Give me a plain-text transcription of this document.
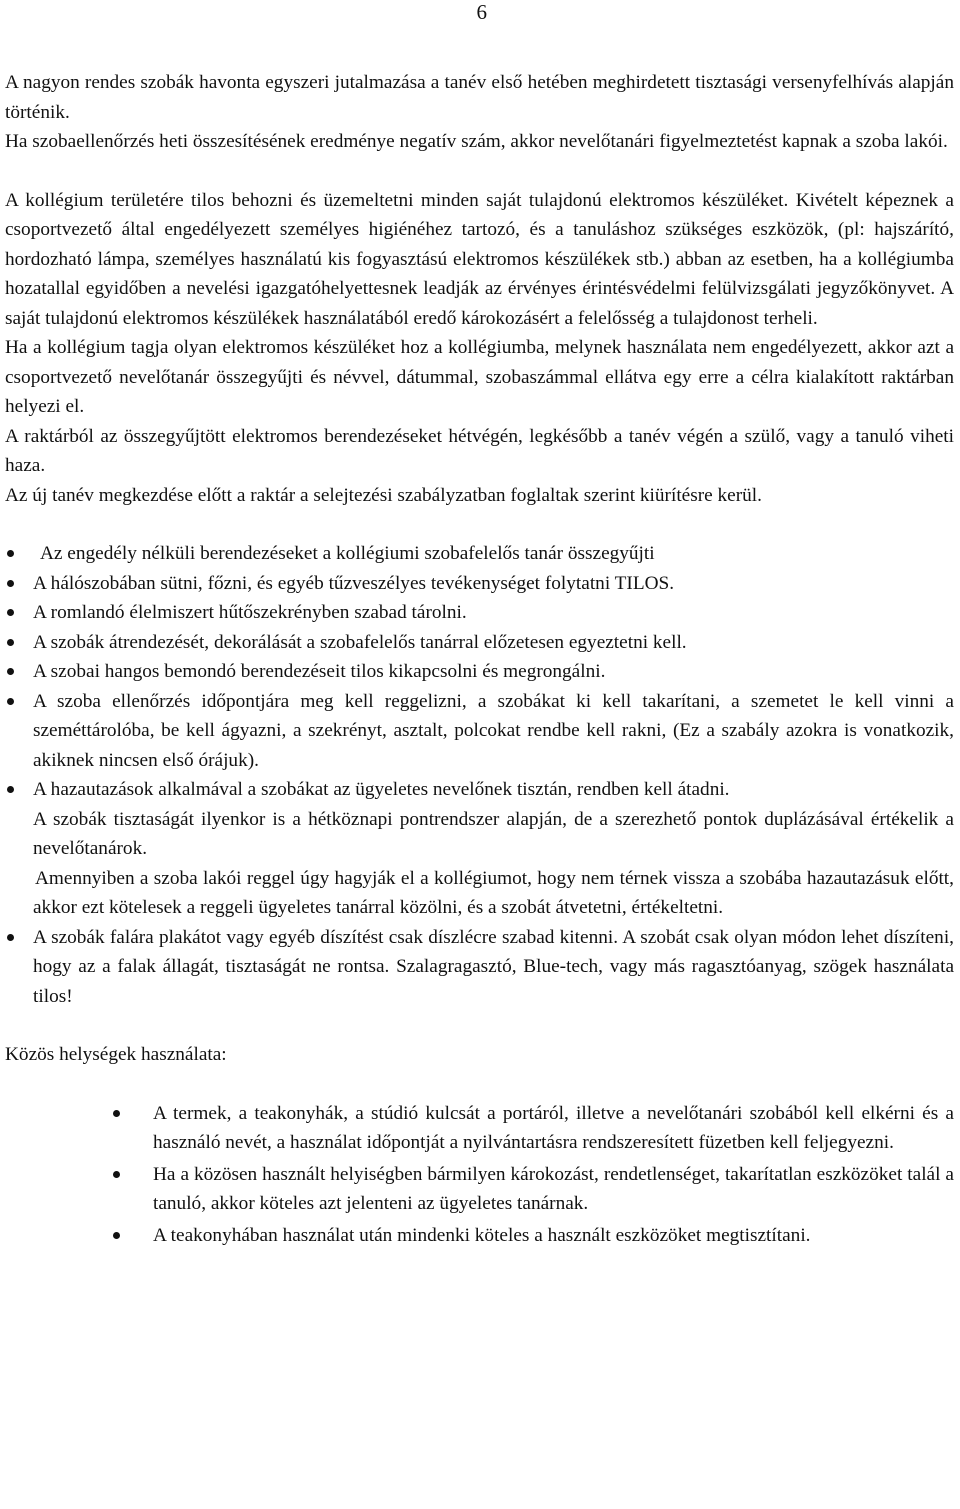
6

A nagyon rendes szobák havonta egyszeri jutalmazása a tanév első hetében meghirdetett tisztasági versenyfelhívás alapján történik.

Ha szobaellenőrzés heti összesítésének eredménye negatív szám, akkor nevelőtanári figyelmeztetést kapnak a szoba lakói.

A kollégium területére tilos behozni és üzemeltetni minden saját tulajdonú elektromos készüléket. Kivételt képeznek a csoportvezető által engedélyezett személyes higiénéhez tartozó, és a tanuláshoz szükséges eszközök, (pl: hajszárító, hordozható lámpa, személyes használatú kis fogyasztású elektromos készülékek stb.) abban az esetben, ha a kollégiumba hozatallal egyidőben a nevelési igazgatóhelyettesnek leadják az érvényes érintésvédelmi felülvizsgálati jegyzőkönyvet. A saját tulajdonú elektromos készülékek használatából eredő károkozásért a felelősség a tulajdonost terheli.

Ha a kollégium tagja olyan elektromos készüléket hoz a kollégiumba, melynek használata nem engedélyezett, akkor azt a csoportvezető nevelőtanár összegyűjti és névvel, dátummal, szobaszámmal ellátva egy erre a célra kialakított raktárban helyezi el.

A raktárból az összegyűjtött elektromos berendezéseket hétvégén, legkésőbb a tanév végén a szülő, vagy a tanuló viheti haza.

Az új tanév megkezdése előtt a raktár a selejtezési szabályzatban foglaltak szerint kiürítésre kerül.

Az engedély nélküli berendezéseket a kollégiumi szobafelelős tanár összegyűjti
A hálószobában sütni, főzni, és egyéb tűzveszélyes tevékenységet folytatni TILOS.
A romlandó élelmiszert hűtőszekrényben szabad tárolni.
A szobák átrendezését, dekorálását a szobafelelős tanárral előzetesen egyeztetni kell.
A szobai hangos bemondó berendezéseit tilos kikapcsolni és megrongálni.
A szoba ellenőrzés időpontjára meg kell reggelizni, a szobákat ki kell takarítani, a szemetet le kell vinni a szeméttárolóba, be kell ágyazni, a szekrényt, asztalt, polcokat rendbe kell rakni, (Ez a szabály azokra is vonatkozik, akiknek nincsen első órájuk).
A hazautazások alkalmával a szobákat az ügyeletes nevelőnek tisztán, rendben kell átadni.
A szobák tisztaságát ilyenkor is a hétköznapi pontrendszer alapján, de a szerezhető pontok duplázásával értékelik a nevelőtanárok.
Amennyiben a szoba lakói reggel úgy hagyják el a kollégiumot, hogy nem térnek vissza a szobába hazautazásuk előtt, akkor ezt kötelesek a reggeli ügyeletes tanárral közölni, és a szobát átvetetni, értékeltetni.
A szobák falára plakátot vagy egyéb díszítést csak díszlécre szabad kitenni. A szobát csak olyan módon lehet díszíteni, hogy az a falak állagát, tisztaságát ne rontsa. Szalagragasztó, Blue-tech, vagy más ragasztóanyag, szögek használata tilos!

Közös helységek használata:

A termek, a teakonyhák, a stúdió kulcsát a portáról, illetve a nevelőtanári szobából kell elkérni és a használó nevét, a használat időpontját a nyilvántartásra rendszeresített füzetben kell feljegyezni.
Ha a közösen használt helyiségben bármilyen károkozást, rendetlenséget, takarítatlan eszközöket talál a tanuló, akkor köteles azt jelenteni az ügyeletes tanárnak.
A teakonyhában használat után mindenki köteles a használt eszközöket megtisztítani.
